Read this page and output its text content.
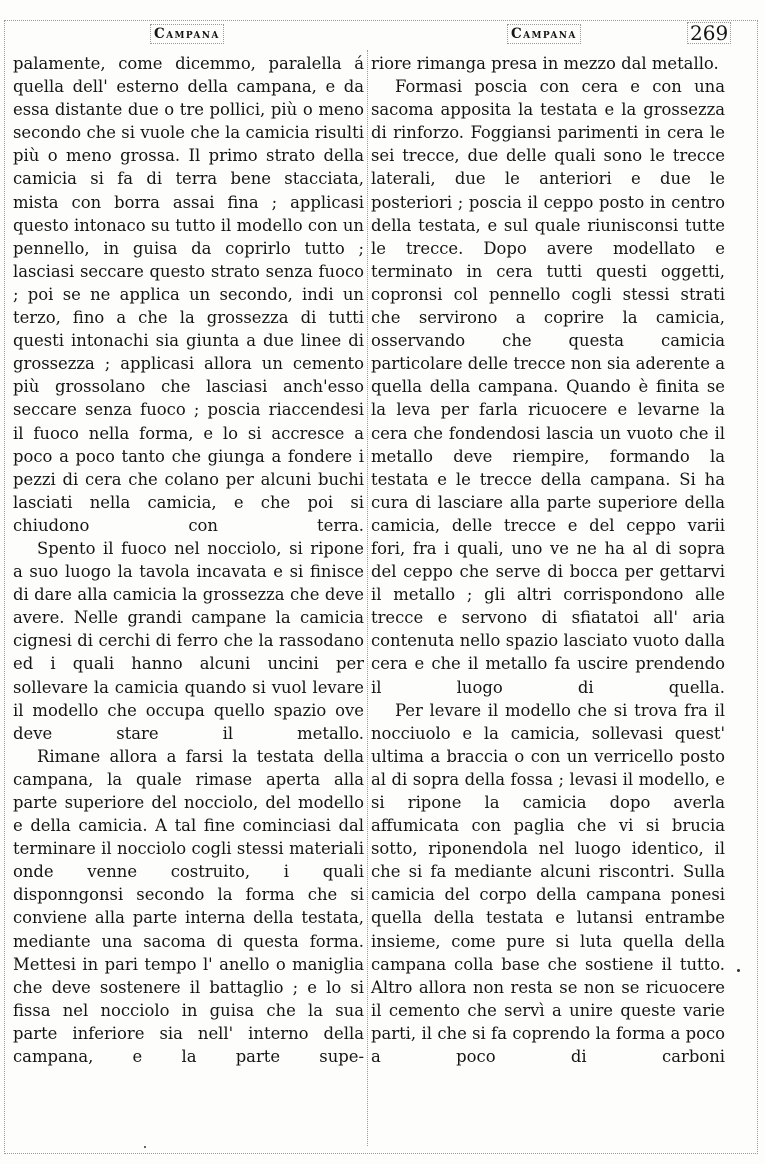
Campana	Campana	269

palamente, come dicemmo, paralella á quella dell' esterno della campana, e da essa distante due o tre pollici, più o meno secondo che si vuole che la camicia risulti più o meno grossa. Il primo strato della camicia si fa di terra bene stacciata, mista con borra assai fina ; applicasi questo intonaco su tutto il modello con un pennello, in guisa da coprirlo tutto ; lasciasi seccare questo strato senza fuoco ; poi se ne applica un secondo, indi un terzo, fino a che la grossezza di tutti questi intonachi sia giunta a due linee di grossezza ; applicasi allora un cemento più grossolano che lasciasi anch'esso seccare senza fuoco ; poscia riaccendesi il fuoco nella forma, e lo si accresce a poco a poco tanto che giunga a fondere i pezzi di cera che colano per alcuni buchi lasciati nella camicia, e che poi si chiudono con terra.

Spento il fuoco nel nocciolo, si ripone a suo luogo la tavola incavata e si finisce di dare alla camicia la grossezza che deve avere. Nelle grandi campane la camicia cignesi di cerchi di ferro che la rassodano ed i quali hanno alcuni uncini per sollevare la camicia quando si vuol levare il modello che occupa quello spazio ove deve stare il metallo.

Rimane allora a farsi la testata della campana, la quale rimase aperta alla parte superiore del nocciolo, del modello e della camicia. A tal fine cominciasi dal terminare il nocciolo cogli stessi materiali onde venne costruito, i quali disponngonsi secondo la forma che si conviene alla parte interna della testata, mediante una sacoma di questa forma. Mettesi in pari tempo l' anello o maniglia che deve sostenere il battaglio ; e lo si fissa nel nocciolo in guisa che la sua parte inferiore sia nell' interno della campana, e la parte supe-

riore rimanga presa in mezzo dal metallo.

Formasi poscia con cera e con una sacoma apposita la testata e la grossezza di rinforzo. Foggiansi parimenti in cera le sei trecce, due delle quali sono le trecce laterali, due le anteriori e due le posteriori ; poscia il ceppo posto in centro della testata, e sul quale riunisconsi tutte le trecce. Dopo avere modellato e terminato in cera tutti questi oggetti, copronsi col pennello cogli stessi strati che servirono a coprire la camicia, osservando che questa camicia particolare delle trecce non sia aderente a quella della campana. Quando è finita se la leva per farla ricuocere e levarne la cera che fondendosi lascia un vuoto che il metallo deve riempire, formando la testata e le trecce della campana. Si ha cura di lasciare alla parte superiore della camicia, delle trecce e del ceppo varii fori, fra i quali, uno ve ne ha al di sopra del ceppo che serve di bocca per gettarvi il metallo ; gli altri corrispondono alle trecce e servono di sfiatatoi all' aria contenuta nello spazio lasciato vuoto dalla cera e che il metallo fa uscire prendendo il luogo di quella.

Per levare il modello che si trova fra il nocciuolo e la camicia, sollevasi quest' ultima a braccia o con un verricello posto al di sopra della fossa ; levasi il modello, e si ripone la camicia dopo averla affumicata con paglia che vi si brucia sotto, riponendola nel luogo identico, il che si fa mediante alcuni riscontri. Sulla camicia del corpo della campana ponesi quella della testata e lutansi entrambe insieme, come pure si luta quella della campana colla base che sostiene il tutto. Altro allora non resta se non se ricuocere il cemento che servì a unire queste varie parti, il che si fa coprendo la forma a poco a poco di carboni
